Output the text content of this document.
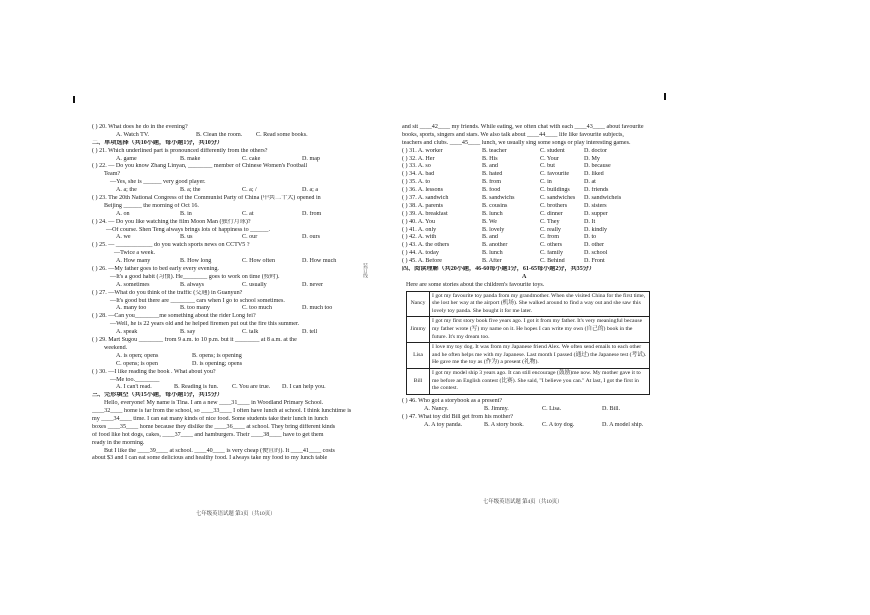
装订线
( ) 20. What does he do in the evening?
A. Watch TV.	B. Clean the room. C. Read some books.
二、单项选择（共10小题，每小题1分，共10分）
( ) 21. Which underlined part is pronounced differently from the others?
A. game	B. make	C. cake	D. map
( ) 22. — Do you know Zhang Linyan, ________ member of Chinese Women's Football
Team?
—Yes, she is ______ very good player.
A. a; the	B. a; the	C. a; /	D. a; a
( ) 23. The 20th National Congress of the Communist Party of China (中共二十大) opened in
Beijing ______ the morning of Oct 16.
A. on	B. in	C. at	D. from
( ) 24. — Do you like watching the film Moon Man (独行月球)?
—Of course. Shen Teng always brings lots of happiness to ______.
A. we	B. us	C. our	D. ours
( ) 25. — ____________ do you watch sports news on CCTV5 ?
—Twice a week.
A. How many	B. How long	C. How often	D. How much
( ) 26. —My father goes to bed early every evening.
—It's a good habit (习惯). He________ goes to work on time (按时).
A. sometimes	B. always	C. usually	D. never
( ) 27. —What do you think of the traffic (交通) in Guanyun?
—It's good but there are ________ cars when I go to school sometimes.
A. many too	B. too many	C. too much	D. much too
( ) 28. —Can you________me something about the rider Long fei?
—Well, he is 22 years old and he helped firemen put out the fire this summer.
A. speak	B. say	C. talk	D. tell
( ) 29. Mart Sugou ________ from 9 a.m. to 10 p.m. but it ________ at 8 a.m. at the
weekend.
A. is open; opens	B. opens; is opening
C. opens; is open	D. is opening; opens
( ) 30. —I like reading the book . What about you?
—Me too.________
A. I can't read.	B. Reading is fun. C. You are true. D. I can help you.
三、完形填空（共15小题，每小题1分，共15分）
Hello, everyone! My name is Tina. I am a new ____31____ in Woodland Primary School.
____32____ home is far from the school, so ____33____ I often have lunch at school. I think lunchtime is
my ____34____ time. I can eat many kinds of nice food. Some students take their lunch in lunch
boxes ____35____ home because they dislike the ____36____ at school. They bring different kinds
of food like hot dogs, cakes, ____37____ and hamburgers. Their ____38____ have to get them
ready in the morning.
But I like the ____39____ at school. ____40____ is very cheap (便宜的). It ____41____ costs
about $3 and I can eat some delicious and healthy food. I always take my food to my lunch table
七年级英语试题 第3页（共10页）
and sit ____42____ my friends. While eating, we often chat with each ____43____ about favourite
books, sports, singers and stars. We also talk about ____44____ life like favourite subjects,
teachers and clubs. ____45____ lunch, we usually sing some songs or play interesting games.
( ) 31. A. worker	B. teacher	C. student	D. doctor
( ) 32. A. Her	B. His	C. Your	D. My
( ) 33. A. so	B. and	C. but	D. because
( ) 34. A. bad	B. hated	C. favourite D. liked
( ) 35. A. to	B. from	C. in	D. at
( ) 36. A. lessons	B. food	C. buildings D. friends
( ) 37. A. sandwich	B. sandwichs	C. sandwiches D. sandwicheis
( ) 38. A. parents	B. cousins	C. brothers	D. sisters
( ) 39. A. breakfast	B. lunch	C. dinner	D. supper
( ) 40. A. You	B. We	C. They	D. It
( ) 41. A. only	B. lovely	C. really	D. kindly
( ) 42. A. with	B. and	C. from	D. to
( ) 43. A. the others	B. another	C. others	D. other
( ) 44. A. today	B. lunch	C. family	D. school
( ) 45. A. Before	B. After	C. Behind	D. Front
四、阅读理解（共20小题，46-60每小题1分，61-65每小题2分，共35分）
A
Here are some stories about the children's favourite toys.
Nancy	I got my favourite toy panda from my grandmother. When she visited China for the first time, she lost her way at the airport (机场). She walked around to find a way out and she saw this lovely toy panda. She bought it for me later.
Jimmy	I got my first story book five years ago. I got it from my father. It's very meaningful because my father wrote (写) my name on it. He hopes I can write my own (自己的) book in the future. It's my dream too.
Lisa	I love my toy dog. It was from my Japanese friend Alex. We often send emails to each other and he often helps me with my Japanese. Last month I passed (通过) the Japanese test (考试). He gave me the toy as (作为) a present (礼物).
Bill	I got my model ship 3 years ago. It can still encourage (鼓励)me now. My mother gave it to me before an English contest (比赛). She said, "I believe you can." At last, I got the first in the contest.
( ) 46. Who got a storybook as a present?
A. Nancy.	B. Jimmy.	C. Lisa.	D. Bill.
( ) 47. What toy did Bill get from his mother?
A. A toy panda.	B. A story book.	C. A toy dog.	D. A model ship.
七年级英语试题 第4页（共10页）
